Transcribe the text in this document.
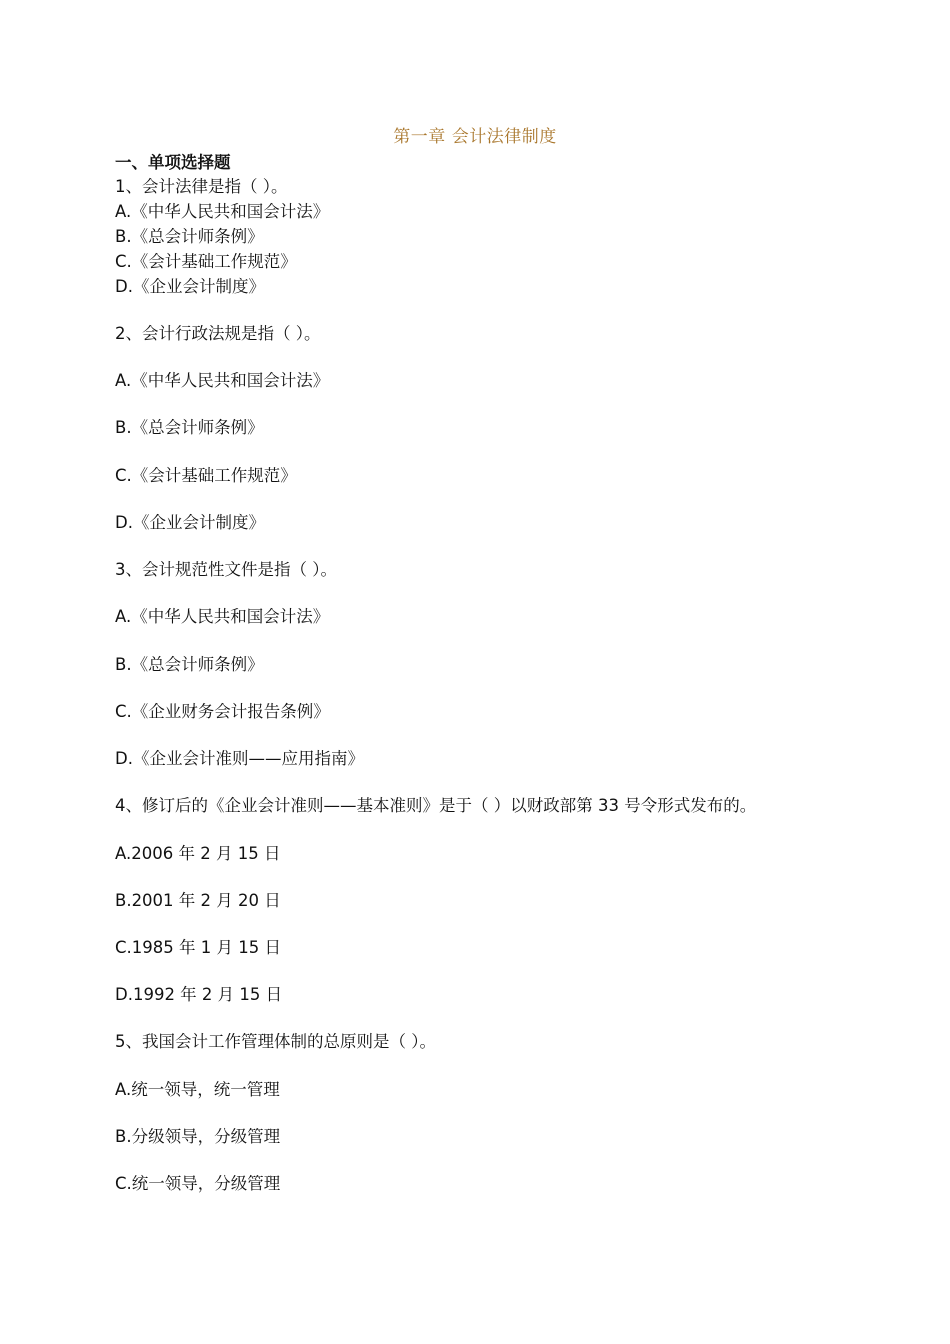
第一章 会计法律制度
一、单项选择题
1、会计法律是指（ ）。
A.《中华人民共和国会计法》
B.《总会计师条例》
C.《会计基础工作规范》
D.《企业会计制度》
2、会计行政法规是指（ ）。
A.《中华人民共和国会计法》
B.《总会计师条例》
C.《会计基础工作规范》
D.《企业会计制度》
3、会计规范性文件是指（ ）。
A.《中华人民共和国会计法》
B.《总会计师条例》
C.《企业财务会计报告条例》
D.《企业会计准则——应用指南》
4、修订后的《企业会计准则——基本准则》是于（ ）以财政部第 33 号令形式发布的。
A.2006 年 2 月 15 日
B.2001 年 2 月 20 日
C.1985 年 1 月 15 日
D.1992 年 2 月 15 日
5、我国会计工作管理体制的总原则是（ ）。
A.统一领导，统一管理
B.分级领导，分级管理
C.统一领导，分级管理
